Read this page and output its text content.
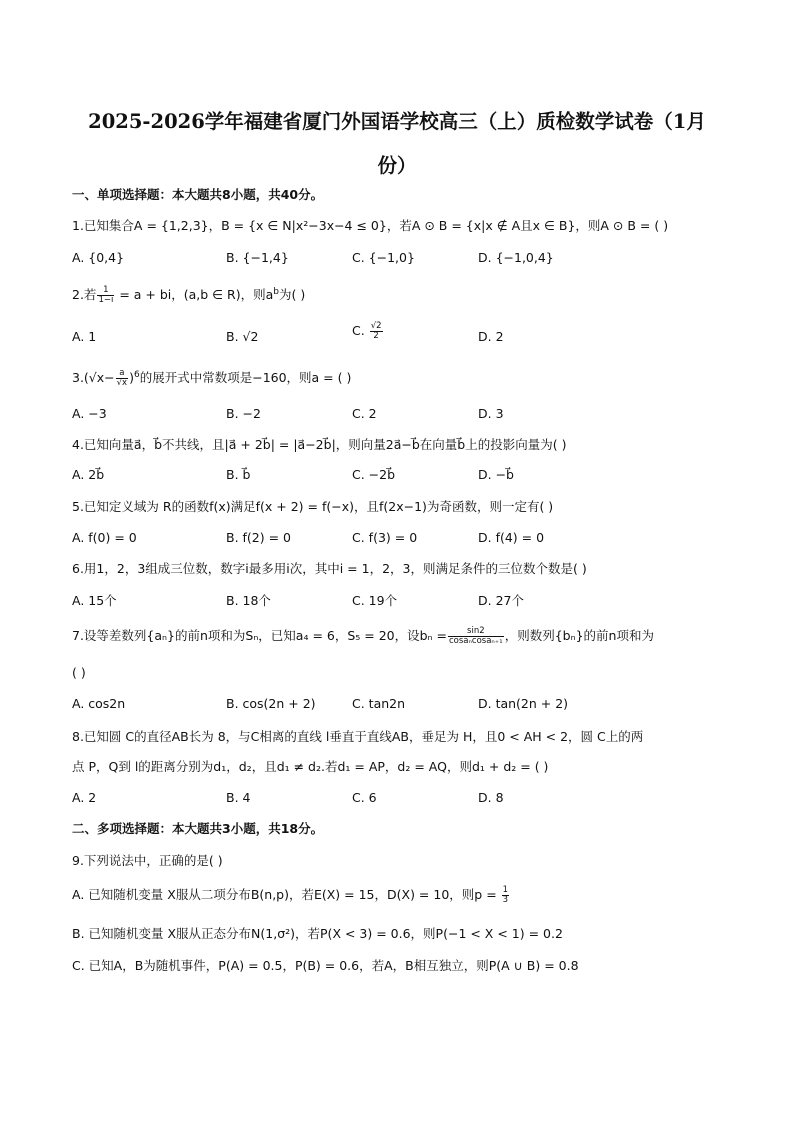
2025-2026学年福建省厦门外国语学校高三（上）质检数学试卷（1月
份）
一、单项选择题：本大题共8小题，共40分。
1.已知集合A = {1,2,3}，B = {x ∈ N|x²−3x−4 ≤ 0}，若A ⊙ B = {x|x ∉ A且x ∈ B}，则A ⊙ B = ( )
A. {0,4}	B. {−1,4}	C. {−1,0}	D. {−1,0,4}
2.若 $\frac{1}{1-i} = a$ + bi，(a,b ∈ R)，则$a^b$为( )
A. 1	B. √2	C. $\frac{√2}{2}$	D. 2
$3.(√x- \frac{a}{√x} )^6$的展开式中常数项是−160，则a = ( )
A. −3	B. −2	C. 2	D. 3
4.已知向量a⃗，b⃗不共线，且|a⃗ + 2b⃗| = |a⃗−2b⃗|，则向量2a⃗−b⃗在向量b⃗上的投影向量为( )
A. 2b⃗	B. b⃗	C. −2b⃗	D. −b⃗
5.已知定义域为 R的函数f(x)满足f(x + 2) = f(−x)，且f(2x−1)为奇函数，则一定有( )
A. f(0) = 0	B. f(2) = 0	C. f(3) = 0	D. f(4) = 0
6.用1，2，3组成三位数，数字i最多用i次，其中i = 1，2，3，则满足条件的三位数个数是( )
A. 15个	B. 18个	C. 19个	D. 27个
7.设等差数列{aₙ}的前n项和为Sₙ，已知a₄ = 6，S₅ = 20，设$b_n = \frac{\sin 2}{\text{cosaₙcosaₙ₊₁}}$ ，则数列{bₙ}的前n项和为
( )
A. cos2n	B. cos(2n + 2)	C. tan2n	D. tan(2n + 2)
8.已知圆 C的直径AB长为 8，与C相离的直线 l垂直于直线AB，垂足为 H，且0 < AH < 2，圆 C上的两
点 P，Q到 l的距离分别为d₁，d₂，且d₁ ≠ d₂.若d₁ = AP，d₂ = AQ，则d₁ + d₂ = ( )
A. 2	B. 4	C. 6	D. 8
二、多项选择题：本大题共3小题，共18分。
9.下列说法中，正确的是( )
A. 已知随机变量 X服从二项分布B(n,p)，若E(X) = 15，D(X) = 10，则$p = \frac{1}{3}$
B. 已知随机变量 X服从正态分布N(1,σ²)，若P(X < 3) = 0.6，则P(−1 < X < 1) = 0.2
C. 已知A，B为随机事件，P(A) = 0.5，P(B) = 0.6，若A，B相互独立，则P(A ∪ B) = 0.8
